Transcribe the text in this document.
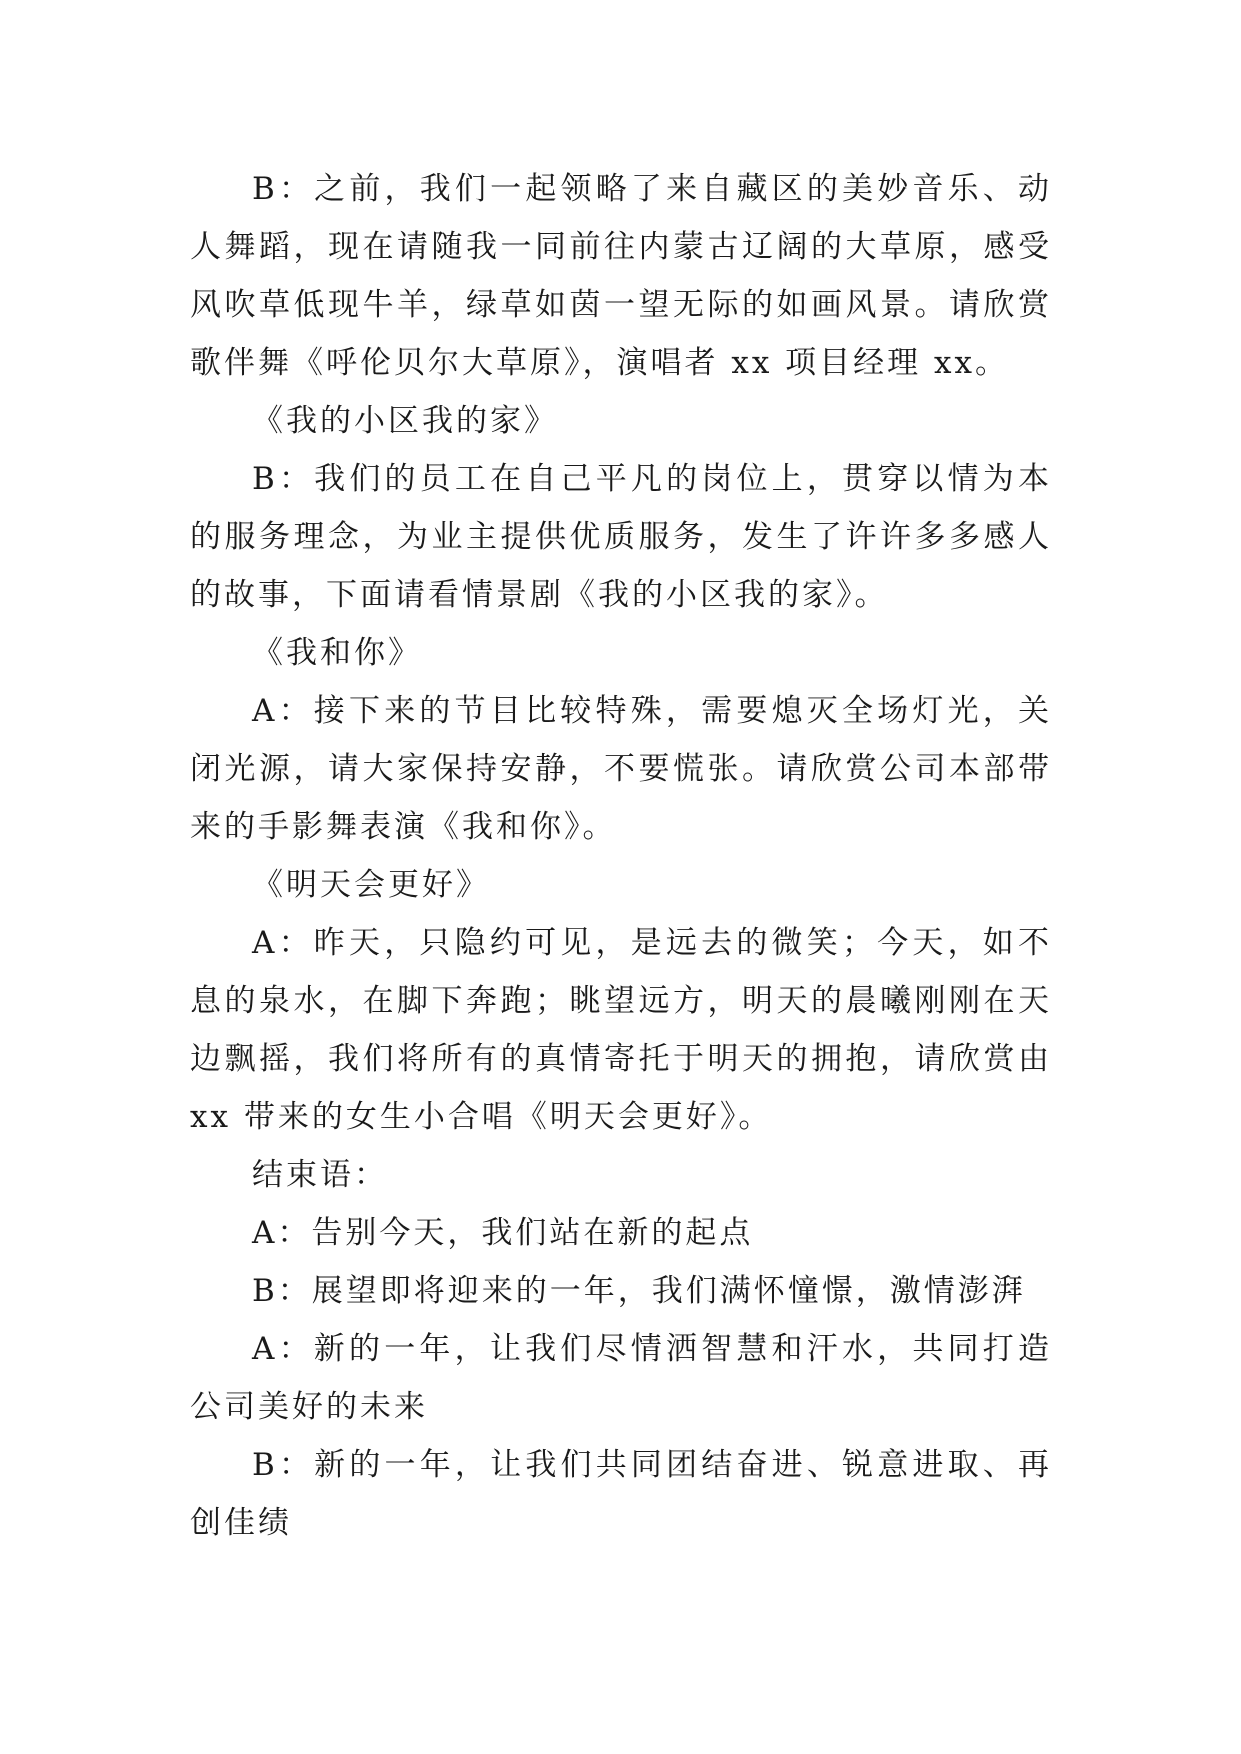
B：之前，我们一起领略了来自藏区的美妙音乐、动人舞蹈，现在请随我一同前往内蒙古辽阔的大草原，感受风吹草低现牛羊，绿草如茵一望无际的如画风景。请欣赏歌伴舞《呼伦贝尔大草原》，演唱者 xx 项目经理 xx。

《我的小区我的家》

B：我们的员工在自己平凡的岗位上，贯穿以情为本的服务理念，为业主提供优质服务，发生了许许多多感人的故事，下面请看情景剧《我的小区我的家》。

《我和你》

A：接下来的节目比较特殊，需要熄灭全场灯光，关闭光源，请大家保持安静，不要慌张。请欣赏公司本部带来的手影舞表演《我和你》。

《明天会更好》

A：昨天，只隐约可见，是远去的微笑；今天，如不息的泉水，在脚下奔跑；眺望远方，明天的晨曦刚刚在天边飘摇，我们将所有的真情寄托于明天的拥抱，请欣赏由 xx 带来的女生小合唱《明天会更好》。

结束语：

A：告别今天，我们站在新的起点

B：展望即将迎来的一年，我们满怀憧憬，激情澎湃

A：新的一年，让我们尽情洒智慧和汗水，共同打造公司美好的未来

B：新的一年，让我们共同团结奋进、锐意进取、再创佳绩
